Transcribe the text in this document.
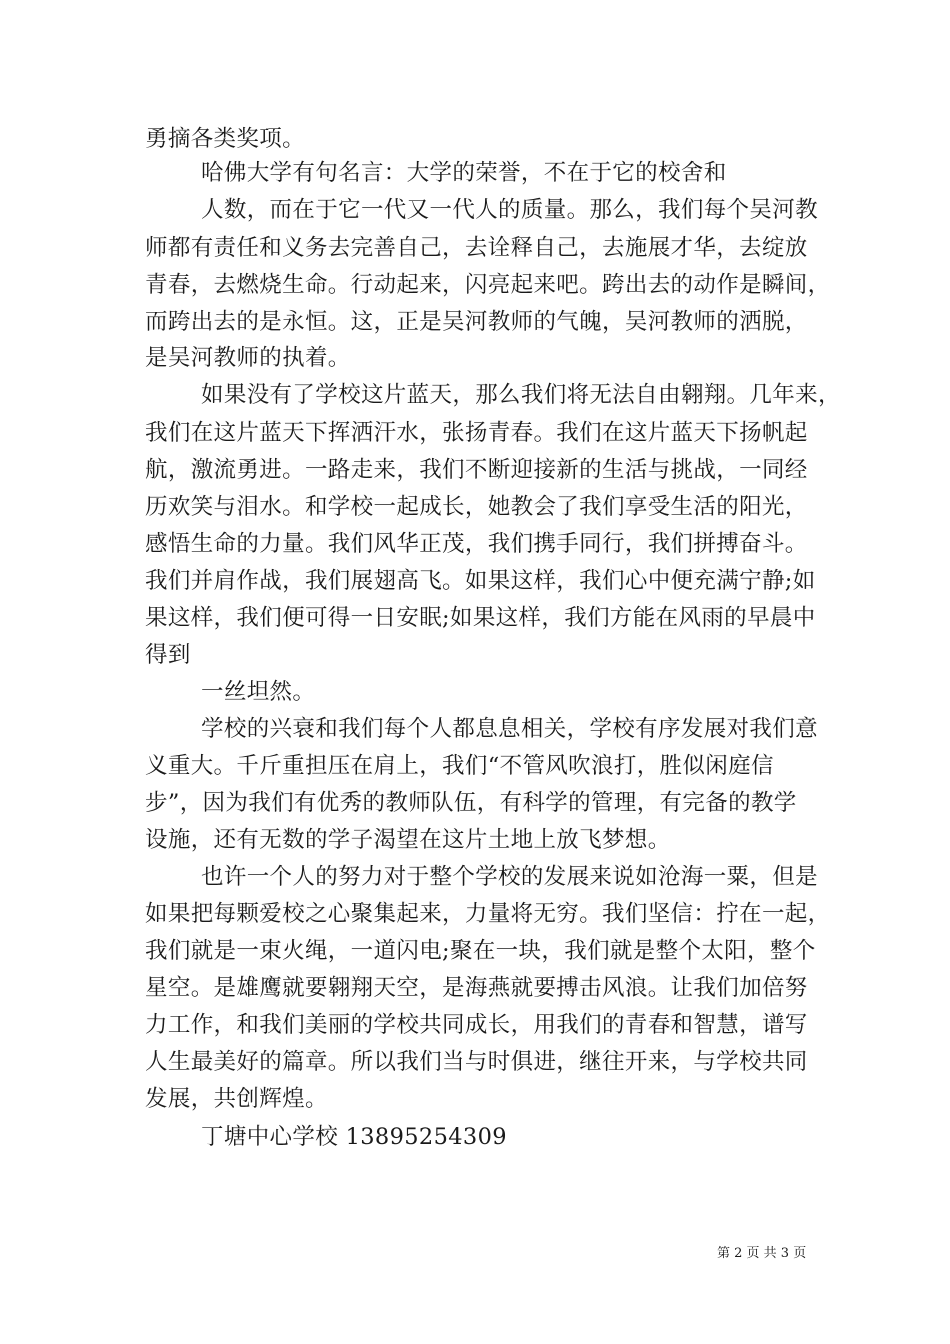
勇摘各类奖项。
哈佛大学有句名言：大学的荣誉，不在于它的校舍和
人数，而在于它一代又一代人的质量。那么，我们每个吴河教
师都有责任和义务去完善自己，去诠释自己，去施展才华，去绽放
青春，去燃烧生命。行动起来，闪亮起来吧。跨出去的动作是瞬间，
而跨出去的是永恒。这，正是吴河教师的气魄，吴河教师的洒脱，
是吴河教师的执着。
如果没有了学校这片蓝天，那么我们将无法自由翱翔。几年来，
我们在这片蓝天下挥洒汗水，张扬青春。我们在这片蓝天下扬帆起
航，激流勇进。一路走来，我们不断迎接新的生活与挑战，一同经
历欢笑与泪水。和学校一起成长，她教会了我们享受生活的阳光，
感悟生命的力量。我们风华正茂，我们携手同行，我们拼搏奋斗。
我们并肩作战，我们展翅高飞。如果这样，我们心中便充满宁静;如
果这样，我们便可得一日安眠;如果这样，我们方能在风雨的早晨中
得到
一丝坦然。
学校的兴衰和我们每个人都息息相关，学校有序发展对我们意
义重大。千斤重担压在肩上，我们“不管风吹浪打，胜似闲庭信
步”，因为我们有优秀的教师队伍，有科学的管理，有完备的教学
设施，还有无数的学子渴望在这片土地上放飞梦想。
也许一个人的努力对于整个学校的发展来说如沧海一粟，但是
如果把每颗爱校之心聚集起来，力量将无穷。我们坚信：拧在一起，
我们就是一束火绳，一道闪电;聚在一块，我们就是整个太阳，整个
星空。是雄鹰就要翱翔天空，是海燕就要搏击风浪。让我们加倍努
力工作，和我们美丽的学校共同成长，用我们的青春和智慧，谱写
人生最美好的篇章。所以我们当与时俱进，继往开来，与学校共同
发展，共创辉煌。
丁塘中心学校 13895254309
第 2 页 共 3 页
